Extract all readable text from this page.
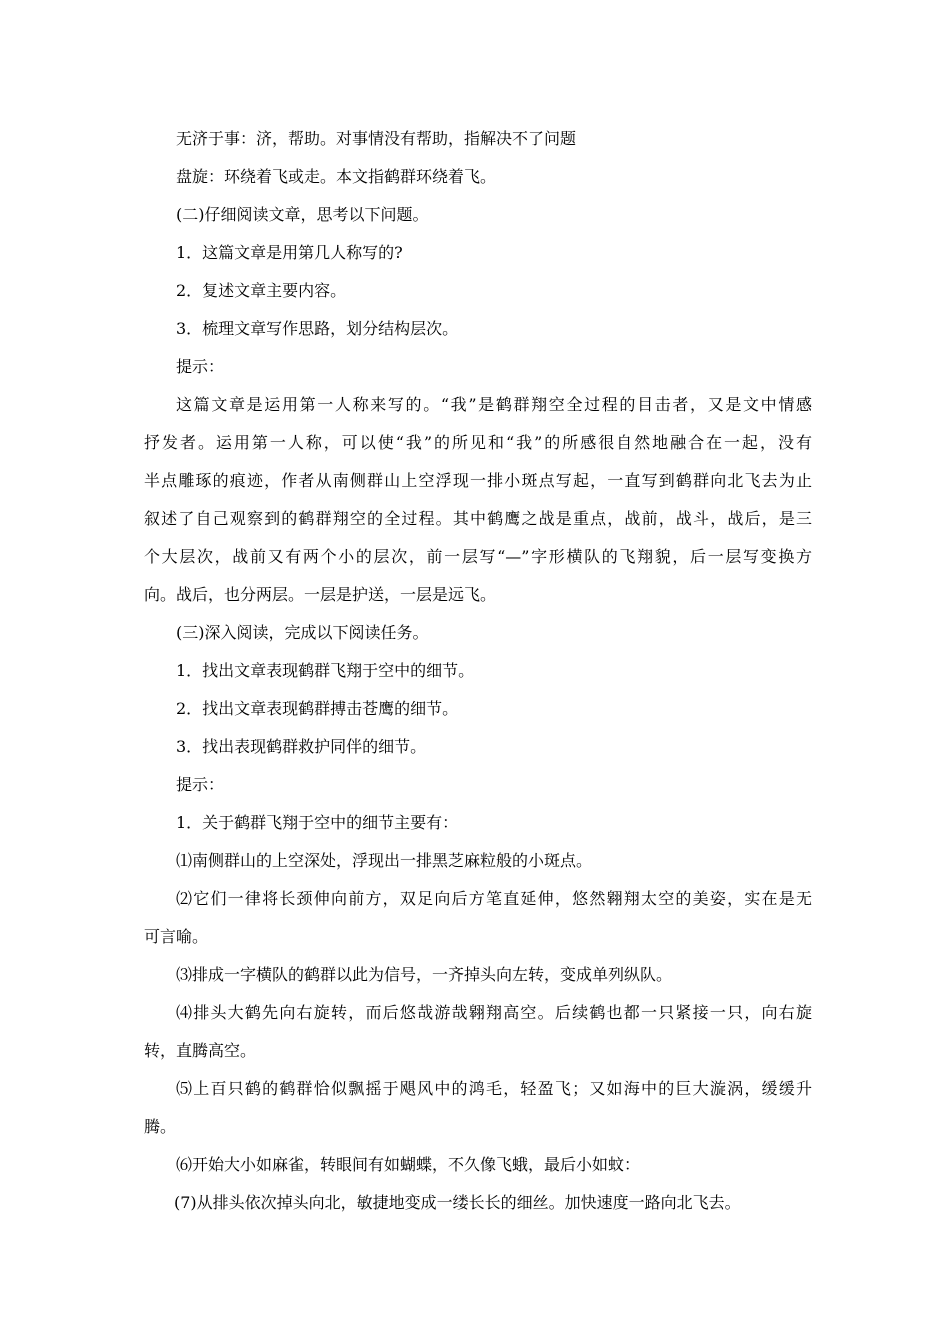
无济于事：济，帮助。对事情没有帮助，指解决不了问题
盘旋：环绕着飞或走。本文指鹤群环绕着飞。
(二)仔细阅读文章，思考以下问题。
1．这篇文章是用第几人称写的?
2．复述文章主要内容。
3．梳理文章写作思路，划分结构层次。
提示：
这篇文章是运用第一人称来写的。“我”是鹤群翔空全过程的目击者，又是文中情感
抒发者。运用第一人称，可以使“我”的所见和“我”的所感很自然地融合在一起，没有
半点雕琢的痕迹，作者从南侧群山上空浮现一排小斑点写起，一直写到鹤群向北飞去为止
叙述了自己观察到的鹤群翔空的全过程。其中鹤鹰之战是重点，战前，战斗，战后，是三
个大层次，战前又有两个小的层次，前一层写“—”字形横队的飞翔貌，后一层写变换方
向。战后，也分两层。一层是护送，一层是远飞。
(三)深入阅读，完成以下阅读任务。
1．找出文章表现鹤群飞翔于空中的细节。
2．找出文章表现鹤群搏击苍鹰的细节。
3．找出表现鹤群救护同伴的细节。
提示：
1．关于鹤群飞翔于空中的细节主要有：
⑴南侧群山的上空深处，浮现出一排黑芝麻粒般的小斑点。
⑵它们一律将长颈伸向前方，双足向后方笔直延伸，悠然翱翔太空的美姿，实在是无
可言喻。
⑶排成一字横队的鹤群以此为信号，一齐掉头向左转，变成单列纵队。
⑷排头大鹤先向右旋转，而后悠哉游哉翱翔高空。后续鹤也都一只紧接一只，向右旋
转，直腾高空。
⑸上百只鹤的鹤群恰似飘摇于飓风中的鸿毛，轻盈飞；又如海中的巨大漩涡，缓缓升
腾。
⑹开始大小如麻雀，转眼间有如蝴蝶，不久像飞蛾，最后小如蚊：
(7)从排头依次掉头向北，敏捷地变成一缕长长的细丝。加快速度一路向北飞去。
